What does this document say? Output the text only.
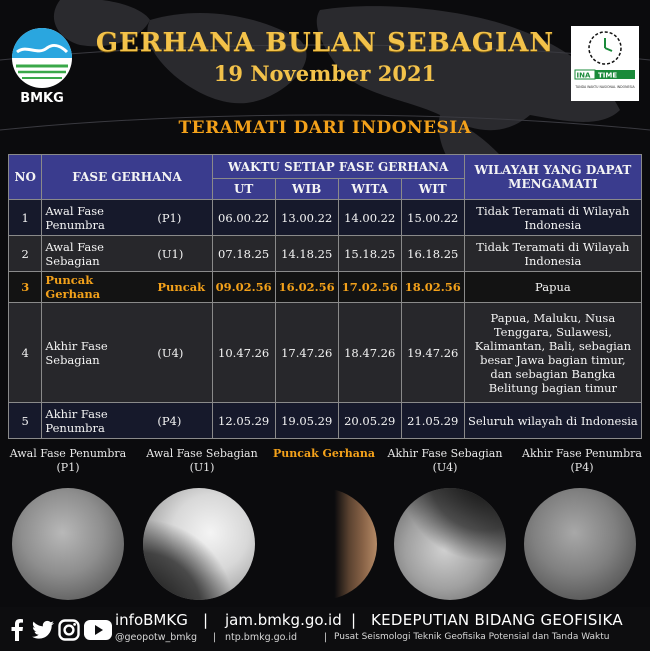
BMKG
GERHANA BULAN SEBAGIAN
19 November 2021	INA TIME
TANDA WAKTU NASIONAL INDONESIA
TERAMATI DARI INDONESIA
NO	FASE GERHANA		WAKTU SETIAP FASE GERHANA				WILAYAH YANG DAPAT MENGAMATI
			UT	WIB	WITA	WIT	
1	Awal Fase Penumbra	(P1)	06.00.22	13.00.22	14.00.22	15.00.22	Tidak Teramati di Wilayah Indonesia
2	Awal Fase Sebagian	(U1)	07.18.25	14.18.25	15.18.25	16.18.25	Tidak Teramati di Wilayah Indonesia
3	Puncak Gerhana	Puncak	09.02.56	16.02.56	17.02.56	18.02.56	Papua
4	Akhir Fase Sebagian	(U4)	10.47.26	17.47.26	18.47.26	19.47.26	Papua, Maluku, Nusa Tenggara, Sulawesi, Kalimantan, Bali, sebagian besar Jawa bagian timur, dan sebagian Bangka Belitung bagian timur
5	Akhir Fase Penumbra	(P4)	12.05.29	19.05.29	20.05.29	21.05.29	Seluruh wilayah di Indonesia
Awal Fase Penumbra
(P1)
Awal Fase Sebagian
(U1)
Puncak Gerhana	Akhir Fase Sebagian
(U4)
Akhir Fase Penumbra
(P4)
infoBMKG | jam.bmkg.go.id | KEDEPUTIAN BIDANG GEOFISIKA
@geopotw_bmkg | ntp.bmkg.go.id	| Pusat Seismologi Teknik Geofisika Potensial dan Tanda Waktu
